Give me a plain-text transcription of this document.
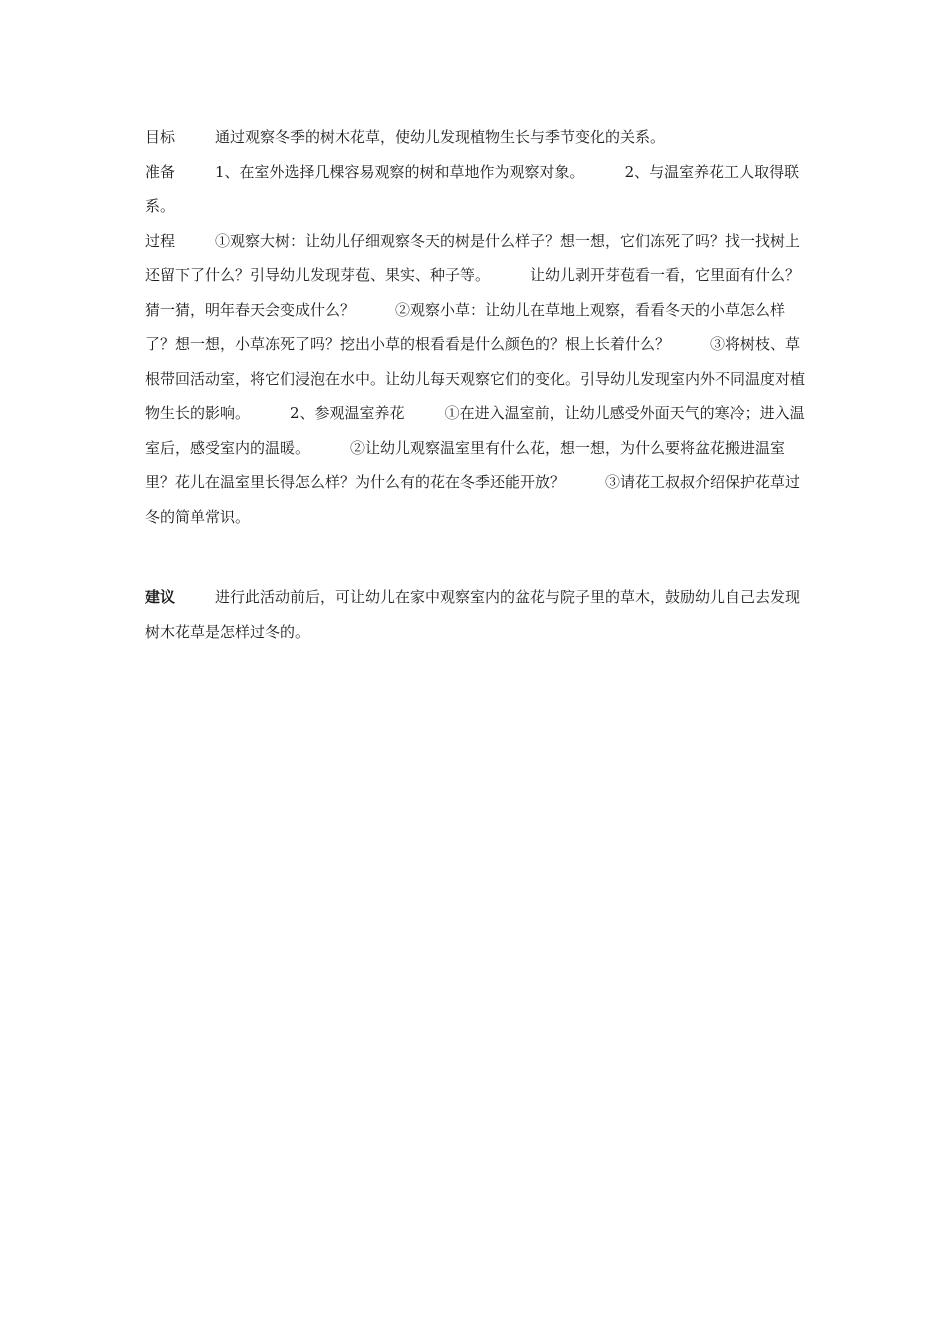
目标	通过观察冬季的树木花草，使幼儿发现植物生长与季节变化的关系。

准备	1、在室外选择几棵容易观察的树和草地作为观察对象。	2、与温室养花工人取得联系。

过程	①观察大树：让幼儿仔细观察冬天的树是什么样子？想一想，它们冻死了吗？找一找树上还留下了什么？引导幼儿发现芽苞、果实、种子等。	让幼儿剥开芽苞看一看，它里面有什么？猜一猜，明年春天会变成什么？	②观察小草：让幼儿在草地上观察，看看冬天的小草怎么样了？想一想，小草冻死了吗？挖出小草的根看看是什么颜色的？根上长着什么？	③将树枝、草根带回活动室，将它们浸泡在水中。让幼儿每天观察它们的变化。引导幼儿发现室内外不同温度对植物生长的影响。	2、参观温室养花	①在进入温室前，让幼儿感受外面天气的寒冷；进入温室后，感受室内的温暖。	②让幼儿观察温室里有什么花，想一想，为什么要将盆花搬进温室里？花儿在温室里长得怎么样？为什么有的花在冬季还能开放？	③请花工叔叔介绍保护花草过冬的简单常识。

建议	进行此活动前后，可让幼儿在家中观察室内的盆花与院子里的草木，鼓励幼儿自己去发现树木花草是怎样过冬的。
